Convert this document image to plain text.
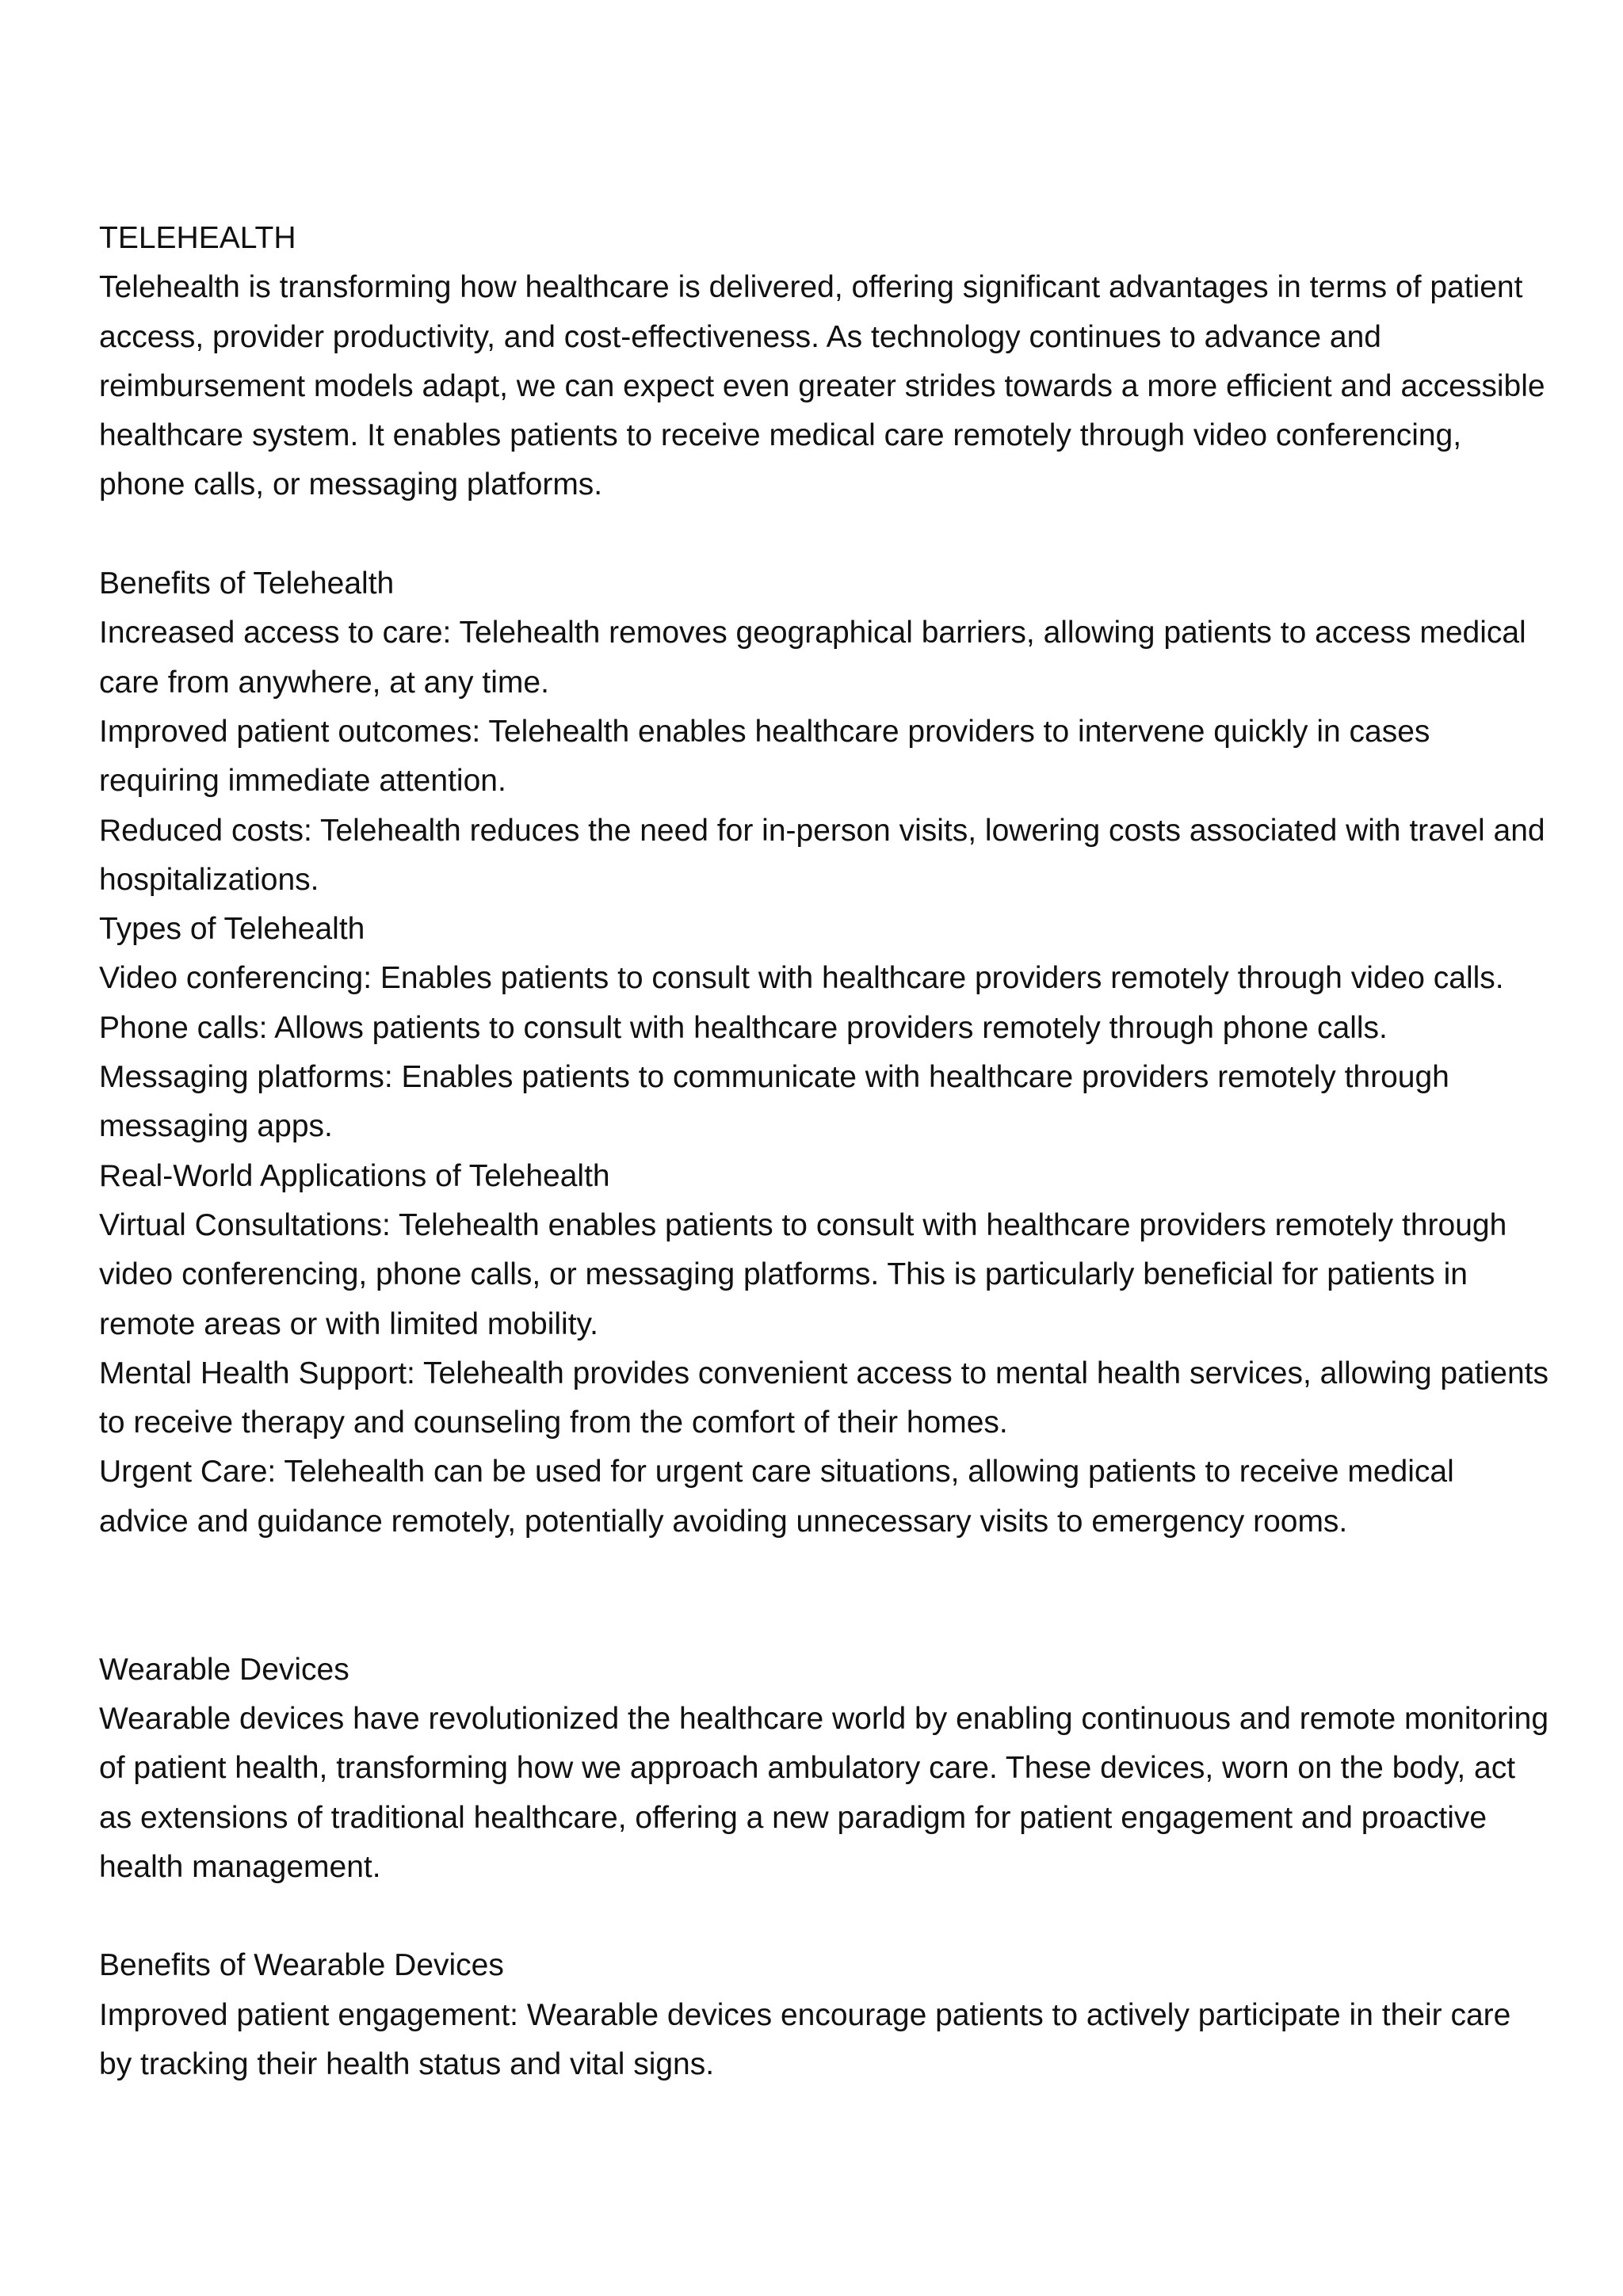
TELEHEALTH

Telehealth is transforming how healthcare is delivered, offering significant advantages in terms of patient access, provider productivity, and cost-effectiveness. As technology continues to advance and reimbursement models adapt, we can expect even greater strides towards a more efficient and accessible healthcare system. It enables patients to receive medical care remotely through video conferencing, phone calls, or messaging platforms.

Benefits of Telehealth

Increased access to care: Telehealth removes geographical barriers, allowing patients to access medical care from anywhere, at any time.

Improved patient outcomes: Telehealth enables healthcare providers to intervene quickly in cases requiring immediate attention.

Reduced costs: Telehealth reduces the need for in-person visits, lowering costs associated with travel and hospitalizations.

Types of Telehealth

Video conferencing: Enables patients to consult with healthcare providers remotely through video calls.

Phone calls: Allows patients to consult with healthcare providers remotely through phone calls.

Messaging platforms: Enables patients to communicate with healthcare providers remotely through messaging apps.

Real-World Applications of Telehealth

Virtual Consultations: Telehealth enables patients to consult with healthcare providers remotely through video conferencing, phone calls, or messaging platforms. This is particularly beneficial for patients in remote areas or with limited mobility.

Mental Health Support: Telehealth provides convenient access to mental health services, allowing patients to receive therapy and counseling from the comfort of their homes.

Urgent Care: Telehealth can be used for urgent care situations, allowing patients to receive medical advice and guidance remotely, potentially avoiding unnecessary visits to emergency rooms.

Wearable Devices

Wearable devices have revolutionized the healthcare world by enabling continuous and remote monitoring of patient health, transforming how we approach ambulatory care. These devices, worn on the body, act as extensions of traditional healthcare, offering a new paradigm for patient engagement and proactive health management.

Benefits of Wearable Devices

Improved patient engagement: Wearable devices encourage patients to actively participate in their care by tracking their health status and vital signs.
